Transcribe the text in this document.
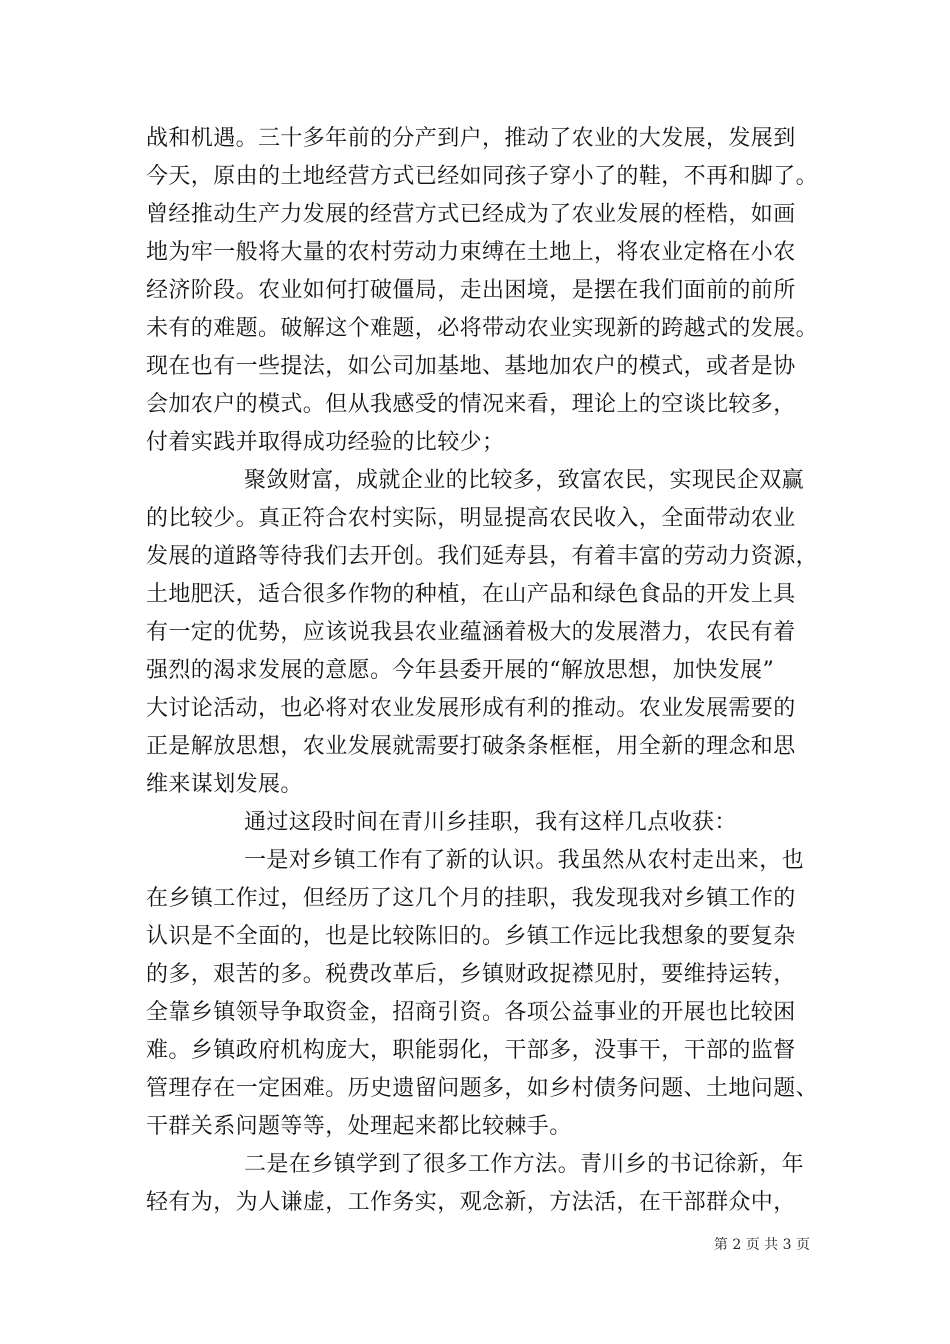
战和机遇。三十多年前的分产到户，推动了农业的大发展，发展到
今天，原由的土地经营方式已经如同孩子穿小了的鞋，不再和脚了。
曾经推动生产力发展的经营方式已经成为了农业发展的桎梏，如画
地为牢一般将大量的农村劳动力束缚在土地上，将农业定格在小农
经济阶段。农业如何打破僵局，走出困境，是摆在我们面前的前所
未有的难题。破解这个难题，必将带动农业实现新的跨越式的发展。
现在也有一些提法，如公司加基地、基地加农户的模式，或者是协
会加农户的模式。但从我感受的情况来看，理论上的空谈比较多，
付着实践并取得成功经验的比较少；
聚敛财富，成就企业的比较多，致富农民，实现民企双赢
的比较少。真正符合农村实际，明显提高农民收入，全面带动农业
发展的道路等待我们去开创。我们延寿县，有着丰富的劳动力资源，
土地肥沃，适合很多作物的种植，在山产品和绿色食品的开发上具
有一定的优势，应该说我县农业蕴涵着极大的发展潜力，农民有着
强烈的渴求发展的意愿。今年县委开展的“解放思想，加快发展”
大讨论活动，也必将对农业发展形成有利的推动。农业发展需要的
正是解放思想，农业发展就需要打破条条框框，用全新的理念和思
维来谋划发展。
通过这段时间在青川乡挂职，我有这样几点收获：
一是对乡镇工作有了新的认识。我虽然从农村走出来，也
在乡镇工作过，但经历了这几个月的挂职，我发现我对乡镇工作的
认识是不全面的，也是比较陈旧的。乡镇工作远比我想象的要复杂
的多，艰苦的多。税费改革后，乡镇财政捉襟见肘，要维持运转，
全靠乡镇领导争取资金，招商引资。各项公益事业的开展也比较困
难。乡镇政府机构庞大，职能弱化，干部多，没事干，干部的监督
管理存在一定困难。历史遗留问题多，如乡村债务问题、土地问题、
干群关系问题等等，处理起来都比较棘手。
二是在乡镇学到了很多工作方法。青川乡的书记徐新，年
轻有为，为人谦虚，工作务实，观念新，方法活，在干部群众中，
第 2 页 共 3 页
